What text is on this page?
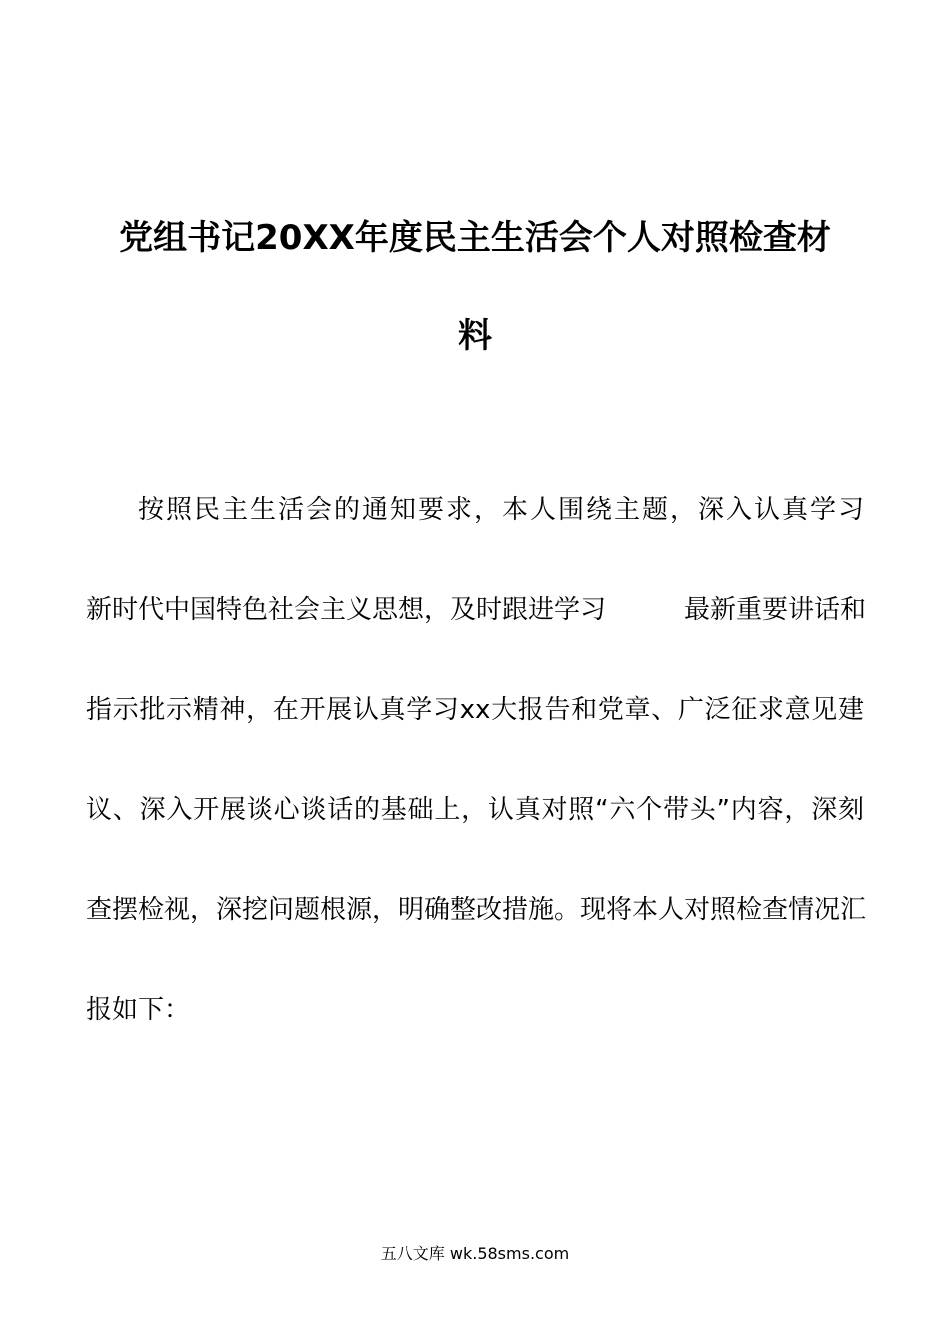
党组书记20XX年度民主生活会个人对照检查材
料
按照民主生活会的通知要求，本人围绕主题，深入认真学习
新时代中国特色社会主义思想，及时跟进学习	最新重要讲话和
指示批示精神，在开展认真学习xx大报告和党章、广泛征求意见建
议、深入开展谈心谈话的基础上，认真对照“六个带头”内容，深刻
查摆检视，深挖问题根源，明确整改措施。现将本人对照检查情况汇
报如下：
五八文库 wk.58sms.com
